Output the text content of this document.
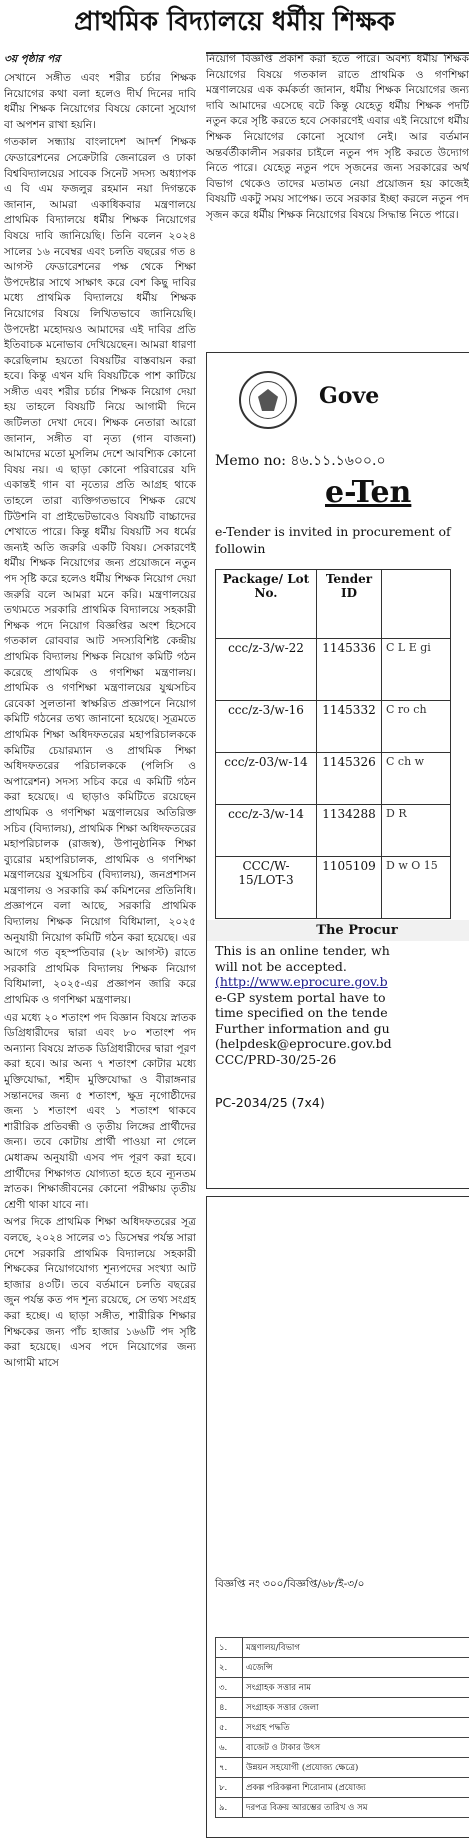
প্রাথমিক বিদ্যালয়ে ধর্মীয় শিক্ষক
৩য় পৃষ্ঠার পর

সেখানে সঙ্গীত এবং শরীর চর্চার শিক্ষক নিয়োগের কথা বলা হলেও দীর্ঘ দিনের দাবি ধর্মীয় শিক্ষক নিয়োগের বিষয়ে কোনো সুযোগ বা অপশন রাখা হয়নি।

গতকাল সন্ধ্যায় বাংলাদেশ আদর্শ শিক্ষক ফেডারেশনের সেক্রেটারি জেনারেল ও ঢাকা বিশ্ববিদ্যালয়ের সাবেক সিনেট সদস্য অধ্যাপক এ বি এম ফজলুর রহমান নয়া দিগন্তকে জানান, আমরা একাধিকবার মন্ত্রণালয়ে প্রাথমিক বিদ্যালয়ে ধর্মীয় শিক্ষক নিয়োগের বিষয়ে দাবি জানিয়েছি। তিনি বলেন ২০২৪ সালের ১৬ নবেম্বর এবং চলতি বছরের গত ৪ আগস্ট ফেডারেশনের পক্ষ থেকে শিক্ষা উপদেষ্টার সাথে সাক্ষাৎ করে বেশ কিছু দাবির মধ্যে প্রাথমিক বিদ্যালয়ে ধর্মীয় শিক্ষক নিয়োগের বিষয়ে লিখিতভাবে জানিয়েছি। উপদেষ্টা মহোদয়ও আমাদের এই দাবির প্রতি ইতিবাচক মনোভাব দেখিয়েছেন। আমরা ধারণা করেছিলাম হয়তো বিষয়টির বাস্তবায়ন করা হবে। কিন্তু এখন যদি বিষয়টিকে পাশ কাটিয়ে সঙ্গীত এবং শরীর চর্চার শিক্ষক নিয়োগ দেয়া হয় তাহলে বিষয়টি নিয়ে আগামী দিনে জটিলতা দেখা দেবে। শিক্ষক নেতারা আরো জানান, সঙ্গীত বা নৃত্য (গান বাজনা) আমাদের মতো মুসলিম দেশে আবশ্যিক কোনো বিষয় নয়। এ ছাড়া কোনো পরিবারের যদি একান্তই গান বা নৃত্যের প্রতি আগ্রহ থাকে তাহলে তারা ব্যক্তিগতভাবে শিক্ষক রেখে টিউশনি বা প্রাইভেটভাবেও বিষয়টি বাচ্চাদের শেখাতে পারে। কিন্তু ধর্মীয় বিষয়টি সব ধর্মের জন্যই অতি জরুরি একটি বিষয়। সেকারণেই ধর্মীয় শিক্ষক নিয়োগের জন্য প্রয়োজনে নতুন পদ সৃষ্টি করে হলেও ধর্মীয় শিক্ষক নিয়োগ দেয়া জরুরি বলে আমরা মনে করি। মন্ত্রণালয়ের তথ্যমতে সরকারি প্রাথমিক বিদ্যালয়ে সহকারী শিক্ষক পদে নিয়োগ বিজ্ঞপ্তির অংশ হিসেবে গতকাল রোববার আট সদস্যবিশিষ্ট কেন্দ্রীয় প্রাথমিক বিদ্যালয় শিক্ষক নিয়োগ কমিটি গঠন করেছে প্রাথমিক ও গণশিক্ষা মন্ত্রণালয়। প্রাথমিক ও গণশিক্ষা মন্ত্রণালয়ের যুগ্মসচিব রেবেকা সুলতানা স্বাক্ষরিত প্রজ্ঞাপনে নিয়োগ কমিটি গঠনের তথ্য জানানো হয়েছে। সূত্রমতে প্রাথমিক শিক্ষা অধিদফতরের মহাপরিচালককে কমিটির চেয়ারম্যান ও প্রাথমিক শিক্ষা অধিদফতরের পরিচালককে (পলিসি ও অপারেশন) সদস্য সচিব করে এ কমিটি গঠন করা হয়েছে। এ ছাড়াও কমিটিতে রয়েছেন প্রাথমিক ও গণশিক্ষা মন্ত্রণালয়ের অতিরিক্ত সচিব (বিদ্যালয়), প্রাথমিক শিক্ষা অধিদফতরের মহাপরিচালক (রাজস্ব), উপানুষ্ঠানিক শিক্ষা ব্যুরোর মহাপরিচালক, প্রাথমিক ও গণশিক্ষা মন্ত্রণালয়ের যুগ্মসচিব (বিদ্যালয়), জনপ্রশাসন মন্ত্রণালয় ও সরকারি কর্ম কমিশনের প্রতিনিধি। প্রজ্ঞাপনে বলা আছে, সরকারি প্রাথমিক বিদ্যালয় শিক্ষক নিয়োগ বিধিমালা, ২০২৫ অনুযায়ী নিয়োগ কমিটি গঠন করা হয়েছে। এর আগে গত বৃহস্পতিবার (২৮ আগস্ট) রাতে সরকারি প্রাথমিক বিদ্যালয় শিক্ষক নিয়োগ বিধিমালা, ২০২৫-এর প্রজ্ঞাপন জারি করে প্রাথমিক ও গণশিক্ষা মন্ত্রণালয়।

এর মধ্যে ২০ শতাংশ পদ বিজ্ঞান বিষয়ে স্নাতক ডিগ্রিধারীদের দ্বারা এবং ৮০ শতাংশ পদ অন্যান্য বিষয়ে স্নাতক ডিগ্রিধারীদের দ্বারা পূরণ করা হবে। আর অন্য ৭ শতাংশ কোটার মধ্যে মুক্তিযোদ্ধা, শহীদ মুক্তিযোদ্ধা ও বীরাঙ্গনার সন্তানদের জন্য ৫ শতাংশ, ক্ষুদ্র নৃগোষ্ঠীদের জন্য ১ শতাংশ এবং ১ শতাংশ থাকবে শারীরিক প্রতিবন্ধী ও তৃতীয় লিঙ্গের প্রার্থীদের জন্য। তবে কোটায় প্রার্থী পাওয়া না গেলে মেধাক্রম অনুযায়ী এসব পদ পূরণ করা হবে। প্রার্থীদের শিক্ষাগত যোগ্যতা হতে হবে ন্যূনতম স্নাতক। শিক্ষাজীবনের কোনো পরীক্ষায় তৃতীয় শ্রেণী থাকা যাবে না।

অপর দিকে প্রাথমিক শিক্ষা অধিদফতরের সূত্র বলছে, ২০২৪ সালের ৩১ ডিসেম্বর পর্যন্ত সারা দেশে সরকারি প্রাথমিক বিদ্যালয়ে সহকারী শিক্ষকের নিয়োগযোগ্য শূন্যপদের সংখ্যা আট হাজার ৪৩টি। তবে বর্তমানে চলতি বছরের জুন পর্যন্ত কত পদ শূন্য রয়েছে, সে তথ্য সংগ্রহ করা হচ্ছে। এ ছাড়া সঙ্গীত, শারীরিক শিক্ষার শিক্ষকের জন্য পাঁচ হাজার ১৬৬টি পদ সৃষ্টি করা হয়েছে। এসব পদে নিয়োগের জন্য আগামী মাসে

নিয়োগ বিজ্ঞপ্তি প্রকাশ করা হতে পারে। অবশ্য ধর্মীয় শিক্ষক নিয়োগের বিষয়ে গতকাল রাতে প্রাথমিক ও গণশিক্ষা মন্ত্রণালয়ের এক কর্মকর্তা জানান, ধর্মীয় শিক্ষক নিয়োগের জন্য দাবি আমাদের এসেছে বটে কিন্তু যেহেতু ধর্মীয় শিক্ষক পদটি নতুন করে সৃষ্টি করতে হবে সেকারণেই এবার এই নিয়োগে ধর্মীয় শিক্ষক নিয়োগের কোনো সুযোগ নেই। আর বর্তমান অন্তর্বর্তীকালীন সরকার চাইলে নতুন পদ সৃষ্টি করতে উদ্যোগ নিতে পারে। যেহেতু নতুন পদে সৃজনের জন্য সরকারের অর্থ বিভাগ থেকেও তাদের মতামত নেয়া প্রয়োজন হয় কাজেই বিষয়টি একটু সময় সাপেক্ষ। তবে সরকার ইচ্ছা করলে নতুন পদ সৃজন করে ধর্মীয় শিক্ষক নিয়োগের বিষয়ে সিদ্ধান্ত নিতে পারে।

Gove
Memo no: ৪৬.১১.১৬০০.০
e-Ten
e-Tender is invited in procurement of followin
Package/ Lot No.	Tender ID	
ccc/z-3/w-22	1145336	C L E gi
ccc/z-3/w-16	1145332	C ro ch
ccc/z-03/w-14	1145326	C ch w
ccc/z-3/w-14	1134288	D R
CCC/W-15/LOT-3	1105109	D w O 15
The Procur
This is an online tender, wh
will not be accepted.
(http://www.eprocure.gov.b
e-GP system portal have to
time specified on the tende
Further information and gu
(helpdesk@eprocure.gov.bd
CCC/PRD-30/25-26
PC-2034/25 (7x4)
বিজ্ঞপ্তি নং ৩০০/বিজ্ঞপ্তি/৬৮/ই-৩/০
১.	মন্ত্রণালয়/বিভাগ
২.	এজেন্সি
৩.	সংগ্রাহক সত্তার নাম
৪.	সংগ্রাহক সত্তার জেলা
৫.	সংগ্রহ পদ্ধতি
৬.	বাজেট ও টাকার উৎস
৭.	উন্নয়ন সহযোগী (প্রযোজ্য ক্ষেত্রে)
৮.	প্রকল্প পরিকল্পনা শিরোনাম (প্রযোজ্য
৯.	দরপত্র বিক্রয় আরম্ভের তারিখ ও সম
